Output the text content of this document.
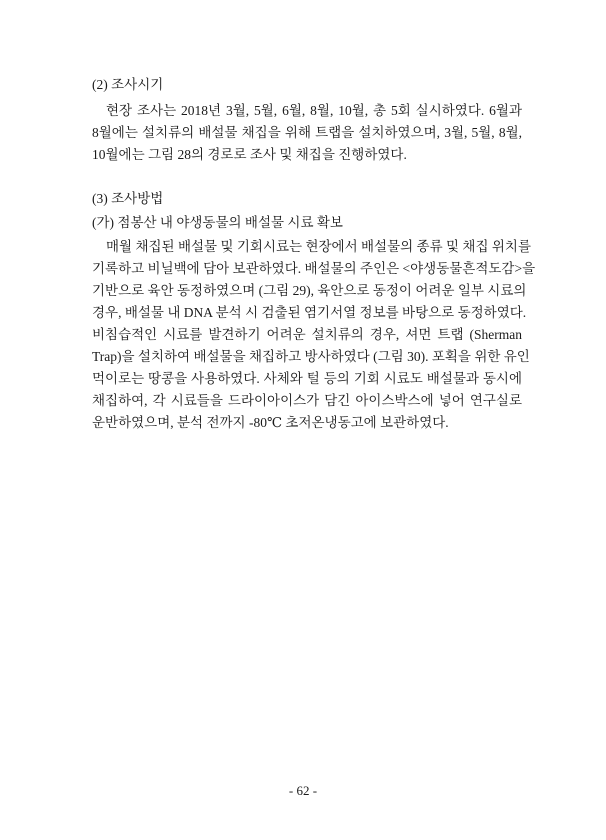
(2) 조사시기
현장 조사는 2018년 3월, 5월, 6월, 8월, 10월, 총 5회 실시하였다. 6월과
8월에는 설치류의 배설물 채집을 위해 트랩을 설치하였으며, 3월, 5월, 8월,
10월에는 그림 28의 경로로 조사 및 채집을 진행하였다.
(3) 조사방법
(가) 점봉산 내 야생동물의 배설물 시료 확보
매월 채집된 배설물 및 기회시료는 현장에서 배설물의 종류 및 채집 위치를
기록하고 비닐백에 담아 보관하였다. 배설물의 주인은 <야생동물흔적도감>을
기반으로 육안 동정하였으며 (그림 29), 육안으로 동정이 어려운 일부 시료의
경우, 배설물 내 DNA 분석 시 검출된 염기서열 정보를 바탕으로 동정하였다.
비침습적인 시료를 발견하기 어려운 설치류의 경우, 셔먼 트랩 (Sherman
Trap)을 설치하여 배설물을 채집하고 방사하였다 (그림 30). 포획을 위한 유인
먹이로는 땅콩을 사용하였다. 사체와 털 등의 기회 시료도 배설물과 동시에
채집하여, 각 시료들을 드라이아이스가 담긴 아이스박스에 넣어 연구실로
운반하였으며, 분석 전까지 -80℃ 초저온냉동고에 보관하였다.
- 62 -
